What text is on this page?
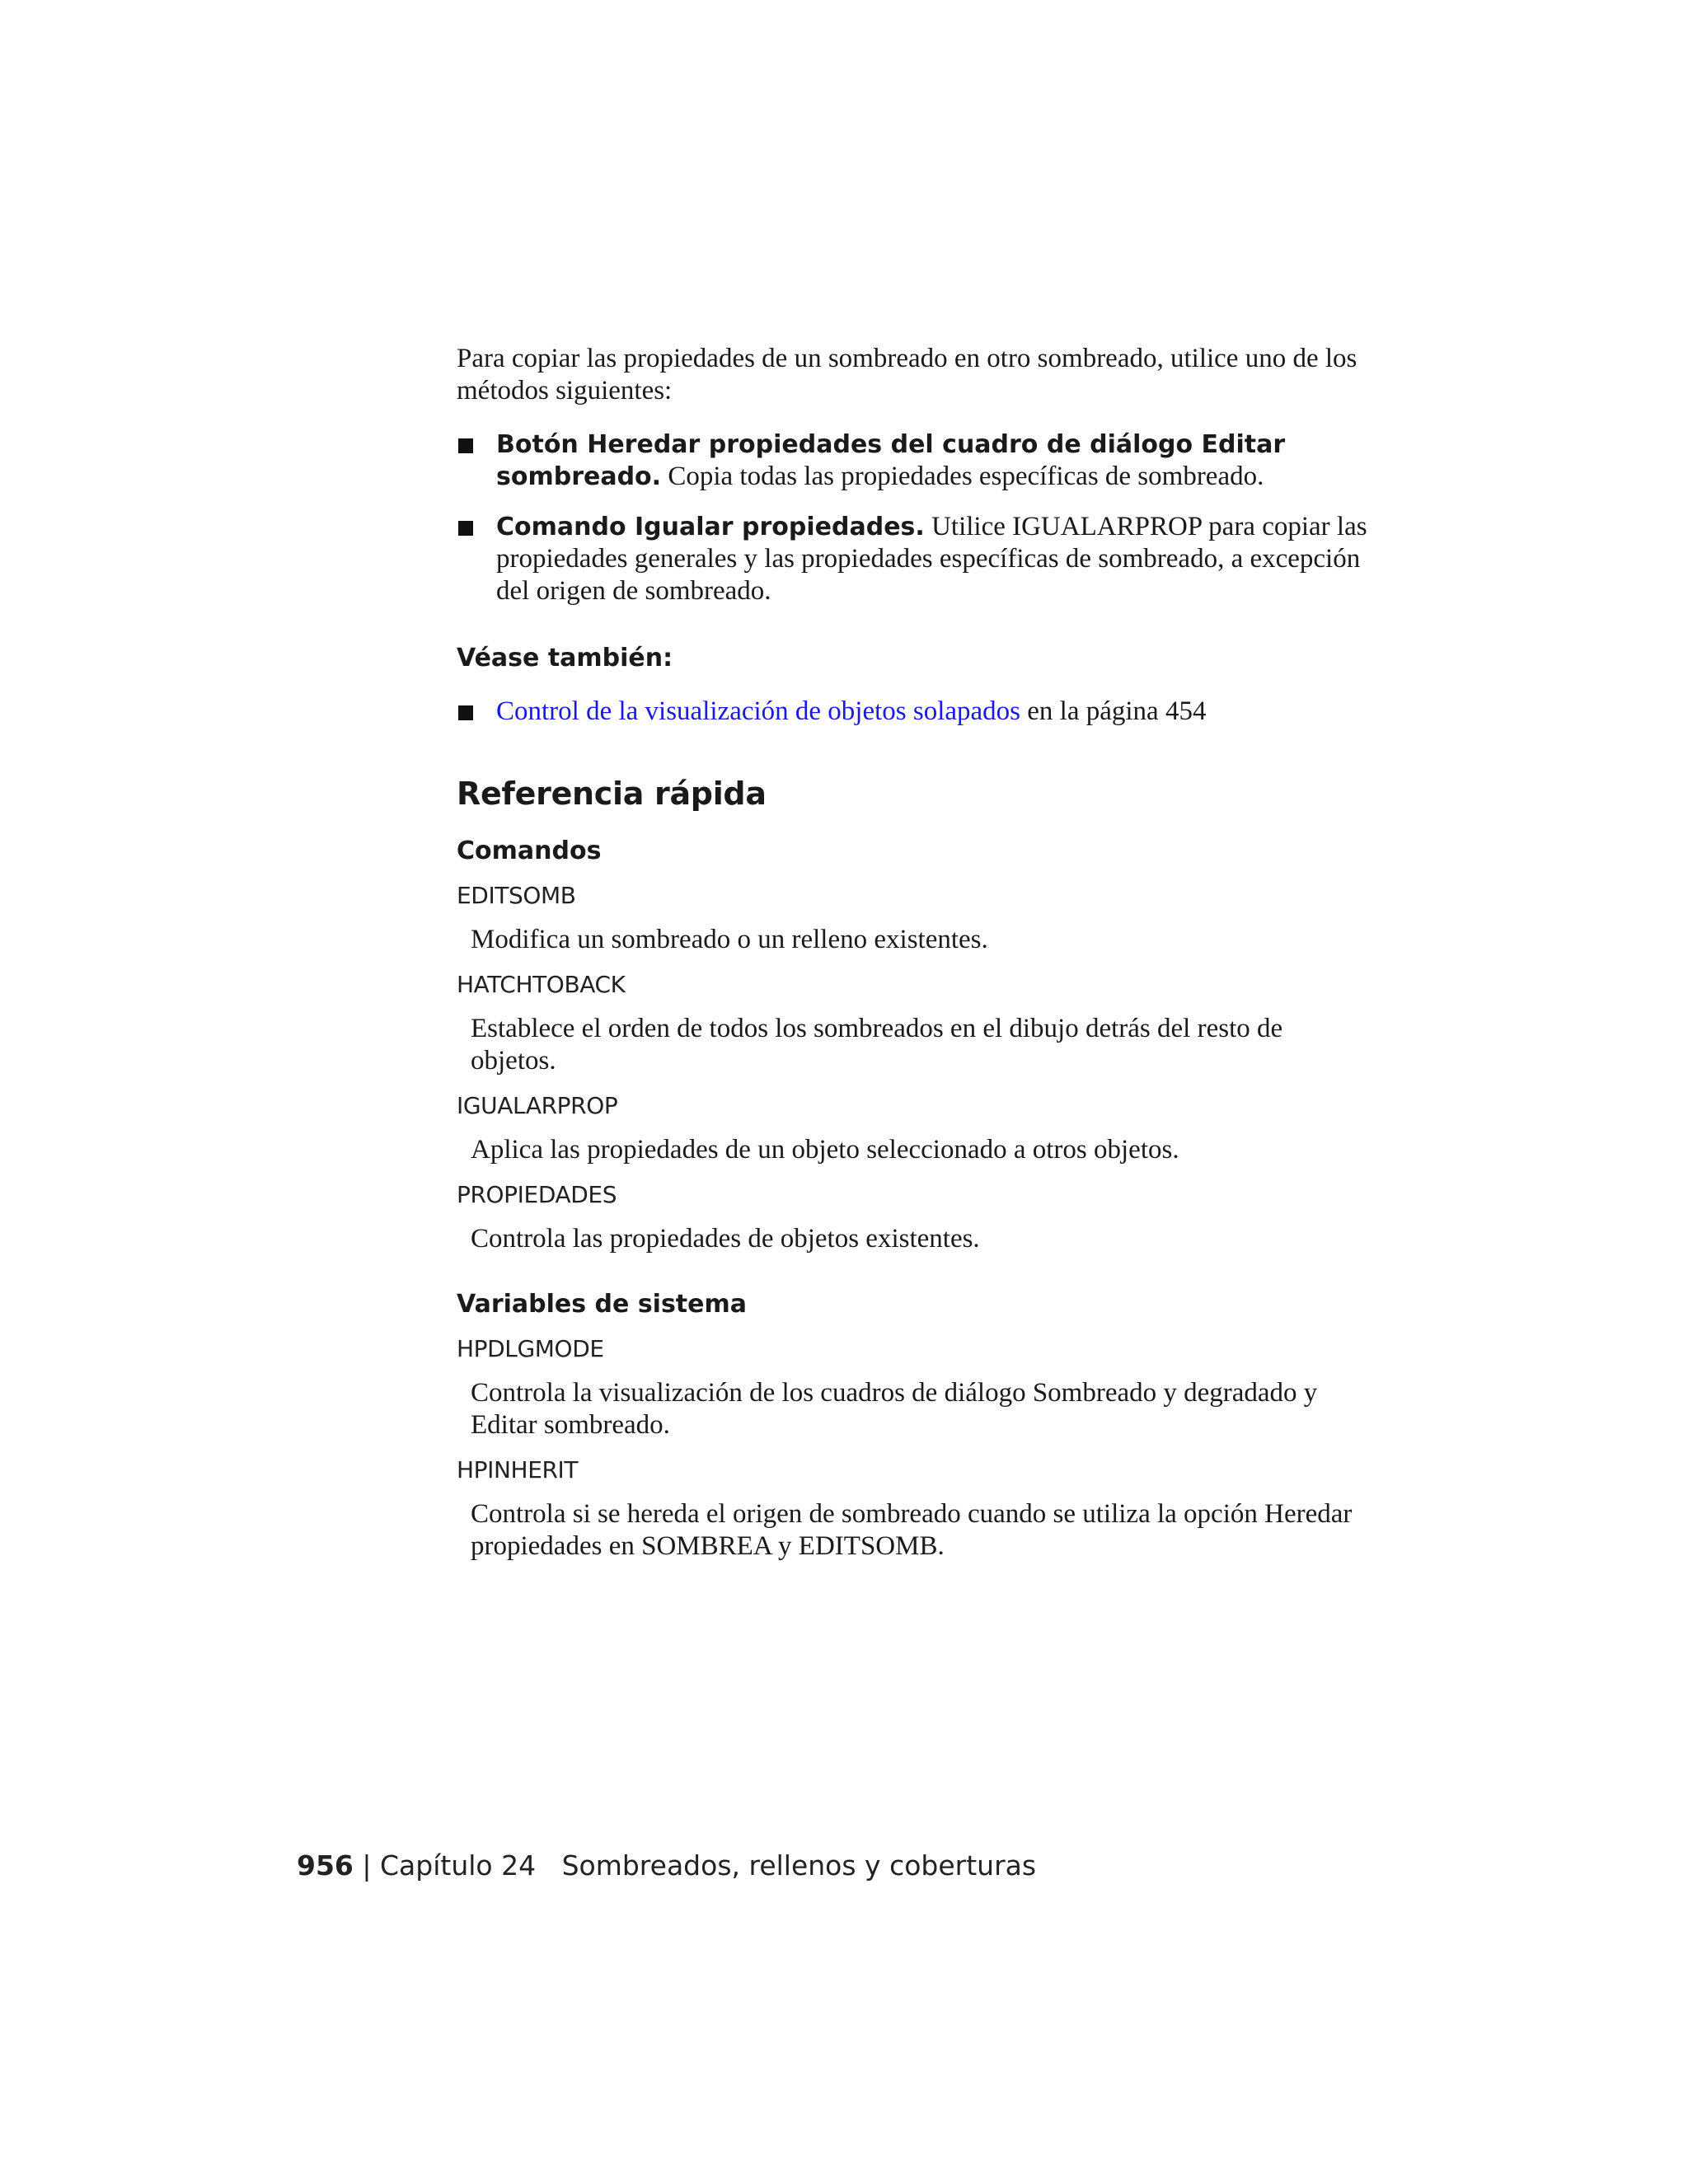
Para copiar las propiedades de un sombreado en otro sombreado, utilice uno de los métodos siguientes:

Botón Heredar propiedades del cuadro de diálogo Editar sombreado. Copia todas las propiedades específicas de sombreado.
Comando Igualar propiedades. Utilice IGUALARPROP para copiar las propiedades generales y las propiedades específicas de sombreado, a excepción del origen de sombreado.

Véase también:

Control de la visualización de objetos solapados en la página 454

Referencia rápida

Comandos

EDITSOMB

Modifica un sombreado o un relleno existentes.

HATCHTOBACK

Establece el orden de todos los sombreados en el dibujo detrás del resto de objetos.

IGUALARPROP

Aplica las propiedades de un objeto seleccionado a otros objetos.

PROPIEDADES

Controla las propiedades de objetos existentes.

Variables de sistema

HPDLGMODE

Controla la visualización de los cuadros de diálogo Sombreado y degradado y Editar sombreado.

HPINHERIT

Controla si se hereda el origen de sombreado cuando se utiliza la opción Heredar propiedades en SOMBREA y EDITSOMB.

956 | Capítulo 24 Sombreados, rellenos y coberturas
